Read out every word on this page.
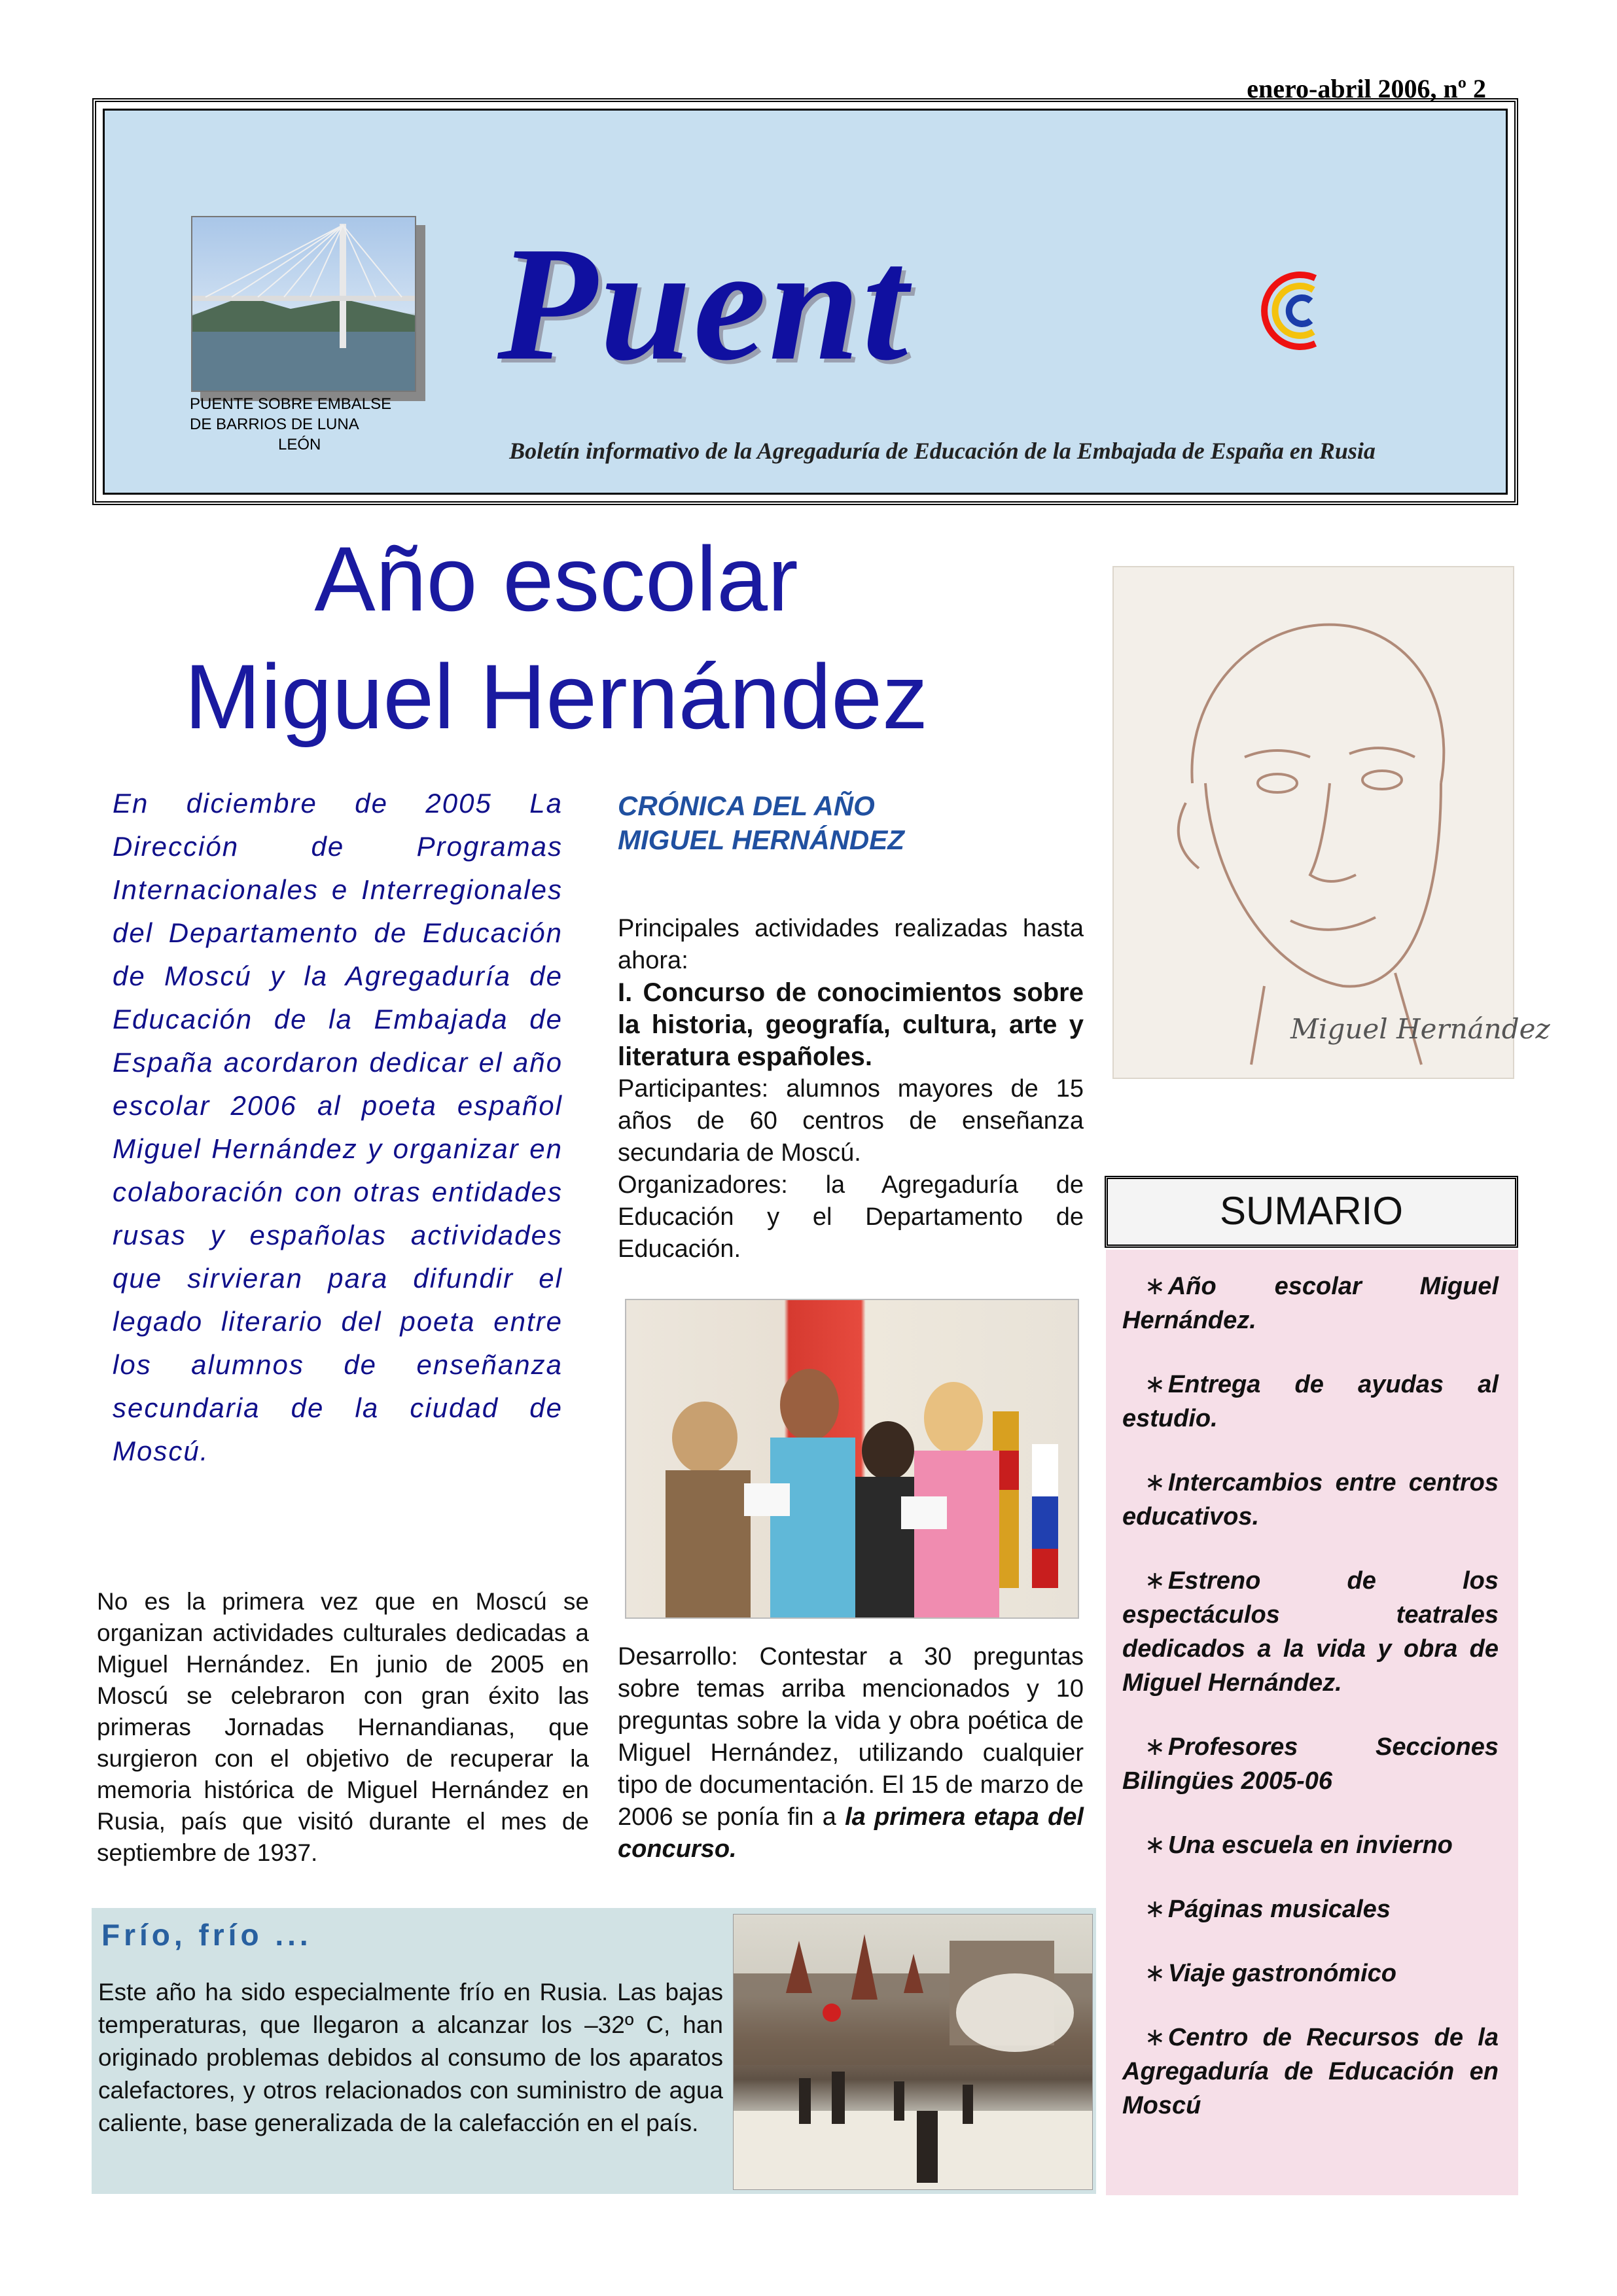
enero-abril 2006, nº 2
Puent
PUENTE SOBRE EMBALSE
DE BARRIOS DE LUNA
LEÓN	Boletín informativo de la Agregaduría de Educación de la Embajada de España en Rusia
Año escolar
Miguel Hernández
Miguel Hernández
En diciembre de 2005 La Dirección de Programas Internacionales e Interregionales del Departamento de Educación de Moscú y la Agregaduría de Educación de la Embajada de España acordaron dedicar el año escolar 2006 al poeta español Miguel Hernández y organizar en colaboración con otras entidades rusas y españolas actividades que sirvieran para difundir el legado literario del poeta entre los alumnos de enseñanza secundaria de la ciudad de Moscú.
CRÓNICA DEL AÑO
MIGUEL HERNÁNDEZ
Principales actividades realizadas hasta ahora:
I. Concurso de conocimientos sobre la historia, geografía, cultura, arte y literatura españoles.
Participantes: alumnos mayores de 15 años de 60 centros de enseñanza secundaria de Moscú.
Organizadores: la Agregaduría de Educación y el Departamento de Educación.
Desarrollo: Contestar a 30 preguntas sobre temas arriba mencionados y 10 preguntas sobre la vida y obra poética de Miguel Hernández, utilizando cualquier tipo de documentación. El 15 de marzo de 2006 se ponía fin a la primera etapa del concurso.
No es la primera vez que en Moscú se organizan actividades culturales dedicadas a Miguel Hernández. En junio de 2005 en Moscú se celebraron con gran éxito las primeras Jornadas Hernandianas, que surgieron con el objetivo de recuperar la memoria histórica de Miguel Hernández en Rusia, país que visitó durante el mes de septiembre de 1937.
Frío, frío ...
Este año ha sido especialmente frío en Rusia. Las bajas temperaturas, que llegaron a alcanzar los –32º C, han originado problemas debidos al consumo de los aparatos calefactores, y otros relacionados con suministro de agua caliente, base generalizada de la calefacción en el país.
SUMARIO
∗ Año escolar Miguel Hernández.
∗ Entrega de ayudas al estudio.
∗ Intercambios entre centros educativos.
∗ Estreno de los espectáculos teatrales dedicados a la vida y obra de Miguel Hernández.
∗ Profesores Secciones Bilingües 2005-06
∗ Una escuela en invierno
∗ Páginas musicales
∗ Viaje gastronómico
∗ Centro de Recursos de la Agregaduría de Educación en Moscú
